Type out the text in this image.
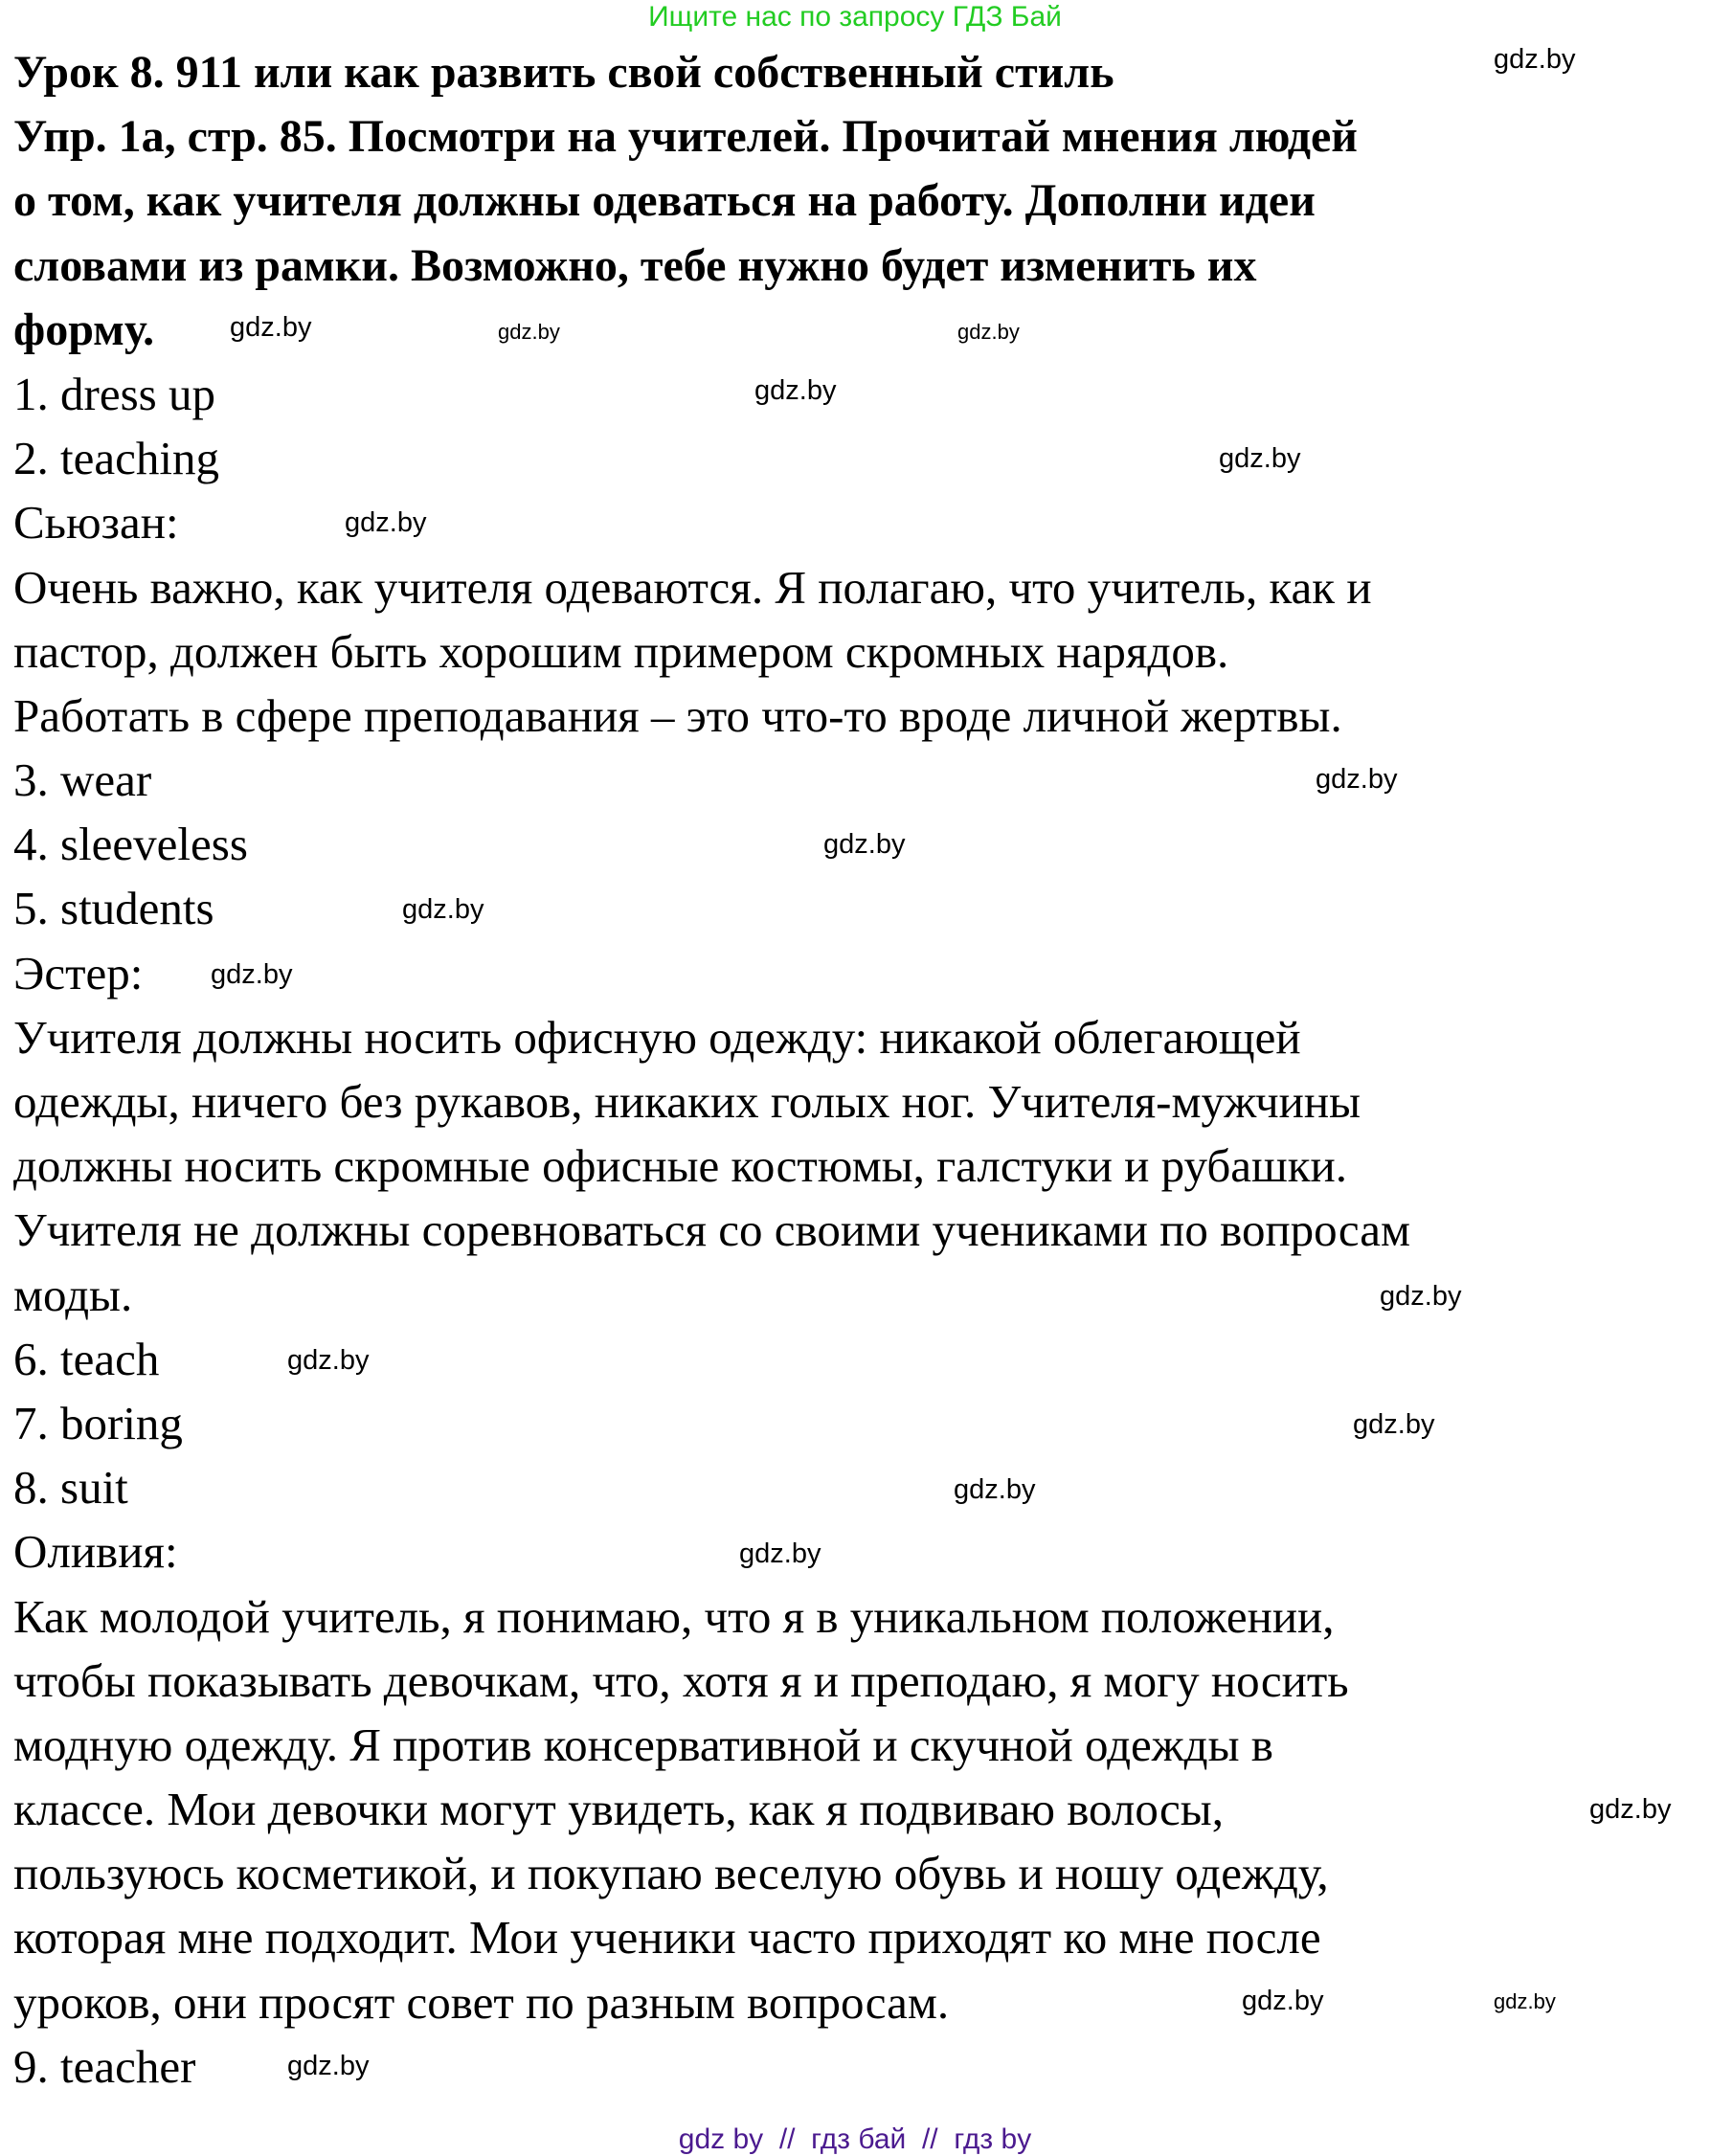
Ищите нас по запросу ГДЗ Бай
Урок 8. 911 или как развить свой собственный стиль
Упр. 1а, стр. 85. Посмотри на учителей. Прочитай мнения людей
о том, как учителя должны одеваться на работу. Дополни идеи
словами из рамки. Возможно, тебе нужно будет изменить их
форму.
1. dress up
2. teaching
Сьюзан:
Очень важно, как учителя одеваются. Я полагаю, что учитель, как и
пастор, должен быть хорошим примером скромных нарядов.
Работать в сфере преподавания – это что-то вроде личной жертвы.
3. wear
4. sleeveless
5. students
Эстер:
Учителя должны носить офисную одежду: никакой облегающей
одежды, ничего без рукавов, никаких голых ног. Учителя-мужчины
должны носить скромные офисные костюмы, галстуки и рубашки.
Учителя не должны соревноваться со своими учениками по вопросам
моды.
6. teach
7. boring
8. suit
Оливия:
Как молодой учитель, я понимаю, что я в уникальном положении,
чтобы показывать девочкам, что, хотя я и преподаю, я могу носить
модную одежду. Я против консервативной и скучной одежды в
классе. Мои девочки могут увидеть, как я подвиваю волосы,
пользуюсь косметикой, и покупаю веселую обувь и ношу одежду,
которая мне подходит. Мои ученики часто приходят ко мне после
уроков, они просят совет по разным вопросам.
9. teacher
gdz.by
gdz.by
gdz.by
gdz.by
gdz.by
gdz.by
gdz.by
gdz.by
gdz.by
gdz.by
gdz.by
gdz.by
gdz.by
gdz.by
gdz.by
gdz.by
gdz.by
gdz.by
gdz.by
gdz.by
gdz by  //  гдз бай  //  гдз by
